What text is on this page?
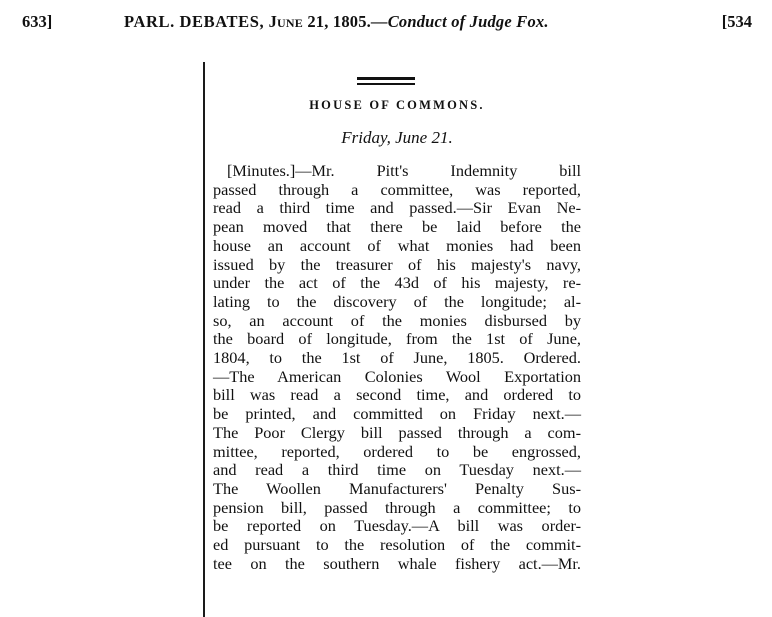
633]	PARL. DEBATES, June 21, 1805.—Conduct of Judge Fox.	[534
HOUSE OF COMMONS.
Friday, June 21.
[Minutes.]—Mr. Pitt's Indemnity bill
passed through a committee, was reported,
read a third time and passed.—Sir Evan Ne-
pean moved that there be laid before the
house an account of what monies had been
issued by the treasurer of his majesty's navy,
under the act of the 43d of his majesty, re-
lating to the discovery of the longitude; al-
so, an account of the monies disbursed by
the board of longitude, from the 1st of June,
1804, to the 1st of June, 1805. Ordered.
—The American Colonies Wool Exportation
bill was read a second time, and ordered to
be printed, and committed on Friday next.—
The Poor Clergy bill passed through a com-
mittee, reported, ordered to be engrossed,
and read a third time on Tuesday next.—
The Woollen Manufacturers' Penalty Sus-
pension bill, passed through a committee; to
be reported on Tuesday.—A bill was order-
ed pursuant to the resolution of the commit-
tee on the southern whale fishery act.—Mr.
